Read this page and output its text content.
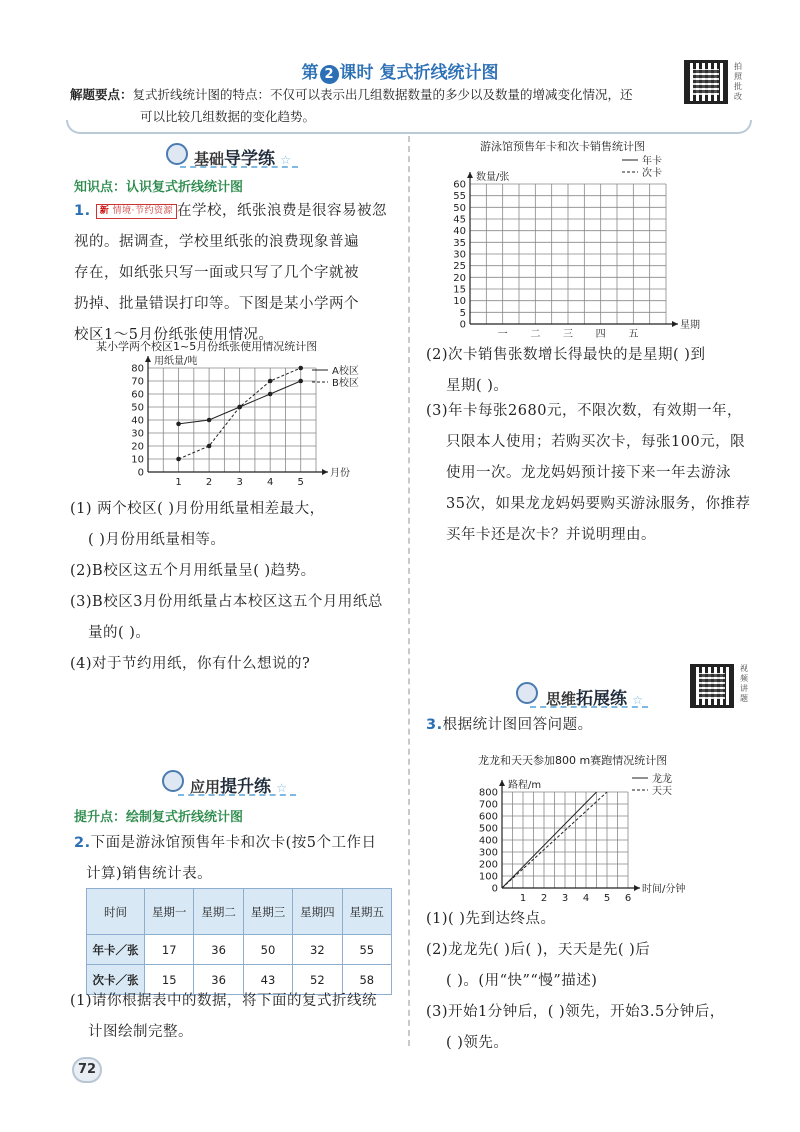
第 2 课时 复式折线统计图	拍照批改
解题要点：复式折线统计图的特点：不仅可以表示出几组数据数量的多少以及数量的增减变化情况，还
可以比较几组数据的变化趋势。
基础导学练 ☆
知识点：认识复式折线统计图
1. 新 情境·节约资源 在学校，纸张浪费是很容易被忽
视的。据调查，学校里纸张的浪费现象普遍
存在，如纸张只写一面或只写了几个字就被
扔掉、批量错误打印等。下图是某小学两个
校区1～5月份纸张使用情况。
某小学两个校区1~5月份纸张使用情况统计图
0
10
20
30
40
50
60
70
80
1 2 3 4 5
用纸量/吨
月份
A校区
B校区
(1) 两个校区( )月份用纸量相差最大，
( )月份用纸量相等。
(2)B校区这五个月用纸量呈( )趋势。
(3)B校区3月份用纸量占本校区这五个月用纸总
量的( )。
(4)对于节约用纸，你有什么想说的?
应用提升练 ☆
提升点：绘制复式折线统计图
2.下面是游泳馆预售年卡和次卡(按5个工作日
计算)销售统计表。
时间	星期一	星期二	星期三	星期四	星期五
年卡／张	17	36	50	32	55
次卡／张	15	36	43	52	58
(1)请你根据表中的数据，将下面的复式折线统
计图绘制完整。
游泳馆预售年卡和次卡销售统计图
0
5
10
15
20
25
30
35
40
45
50
55
60
一 二 三 四 五
数量/张
星期
年卡
次卡
(2)次卡销售张数增长得最快的是星期( )到
星期( )。
(3)年卡每张2680元，不限次数，有效期一年，
只限本人使用；若购买次卡，每张100元，限
使用一次。龙龙妈妈预计接下来一年去游泳
35次，如果龙龙妈妈要购买游泳服务，你推荐
买年卡还是次卡？并说明理由。
视频讲题
思维拓展练 ☆
3.根据统计图回答问题。
龙龙和天天参加800 m赛跑情况统计图
0
100
200
300
400
500
600
700
800
1 2 3 4 5 6
路程/m
时间/分钟
龙龙
天天
(1)( )先到达终点。
(2)龙龙先( )后( )，天天是先( )后
( )。(用“快”“慢”描述)
(3)开始1分钟后，( )领先，开始3.5分钟后，
( )领先。
72
